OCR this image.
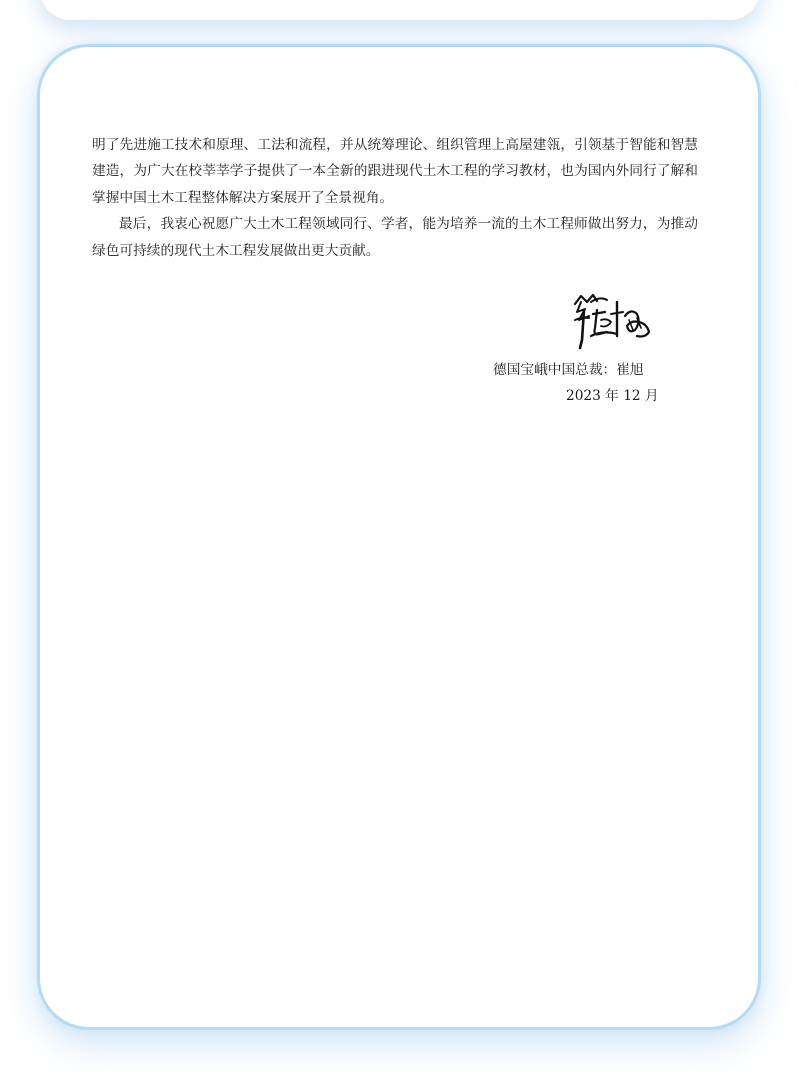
明了先进施工技术和原理、工法和流程，并从统筹理论、组织管理上高屋建瓴，引领基于智能和智慧建造，为广大在校莘莘学子提供了一本全新的跟进现代土木工程的学习教材，也为国内外同行了解和掌握中国土木工程整体解决方案展开了全景视角。

最后，我衷心祝愿广大土木工程领域同行、学者，能为培养一流的土木工程师做出努力，为推动绿色可持续的现代土木工程发展做出更大贡献。

德国宝峨中国总裁：崔旭
2023 年 12 月
